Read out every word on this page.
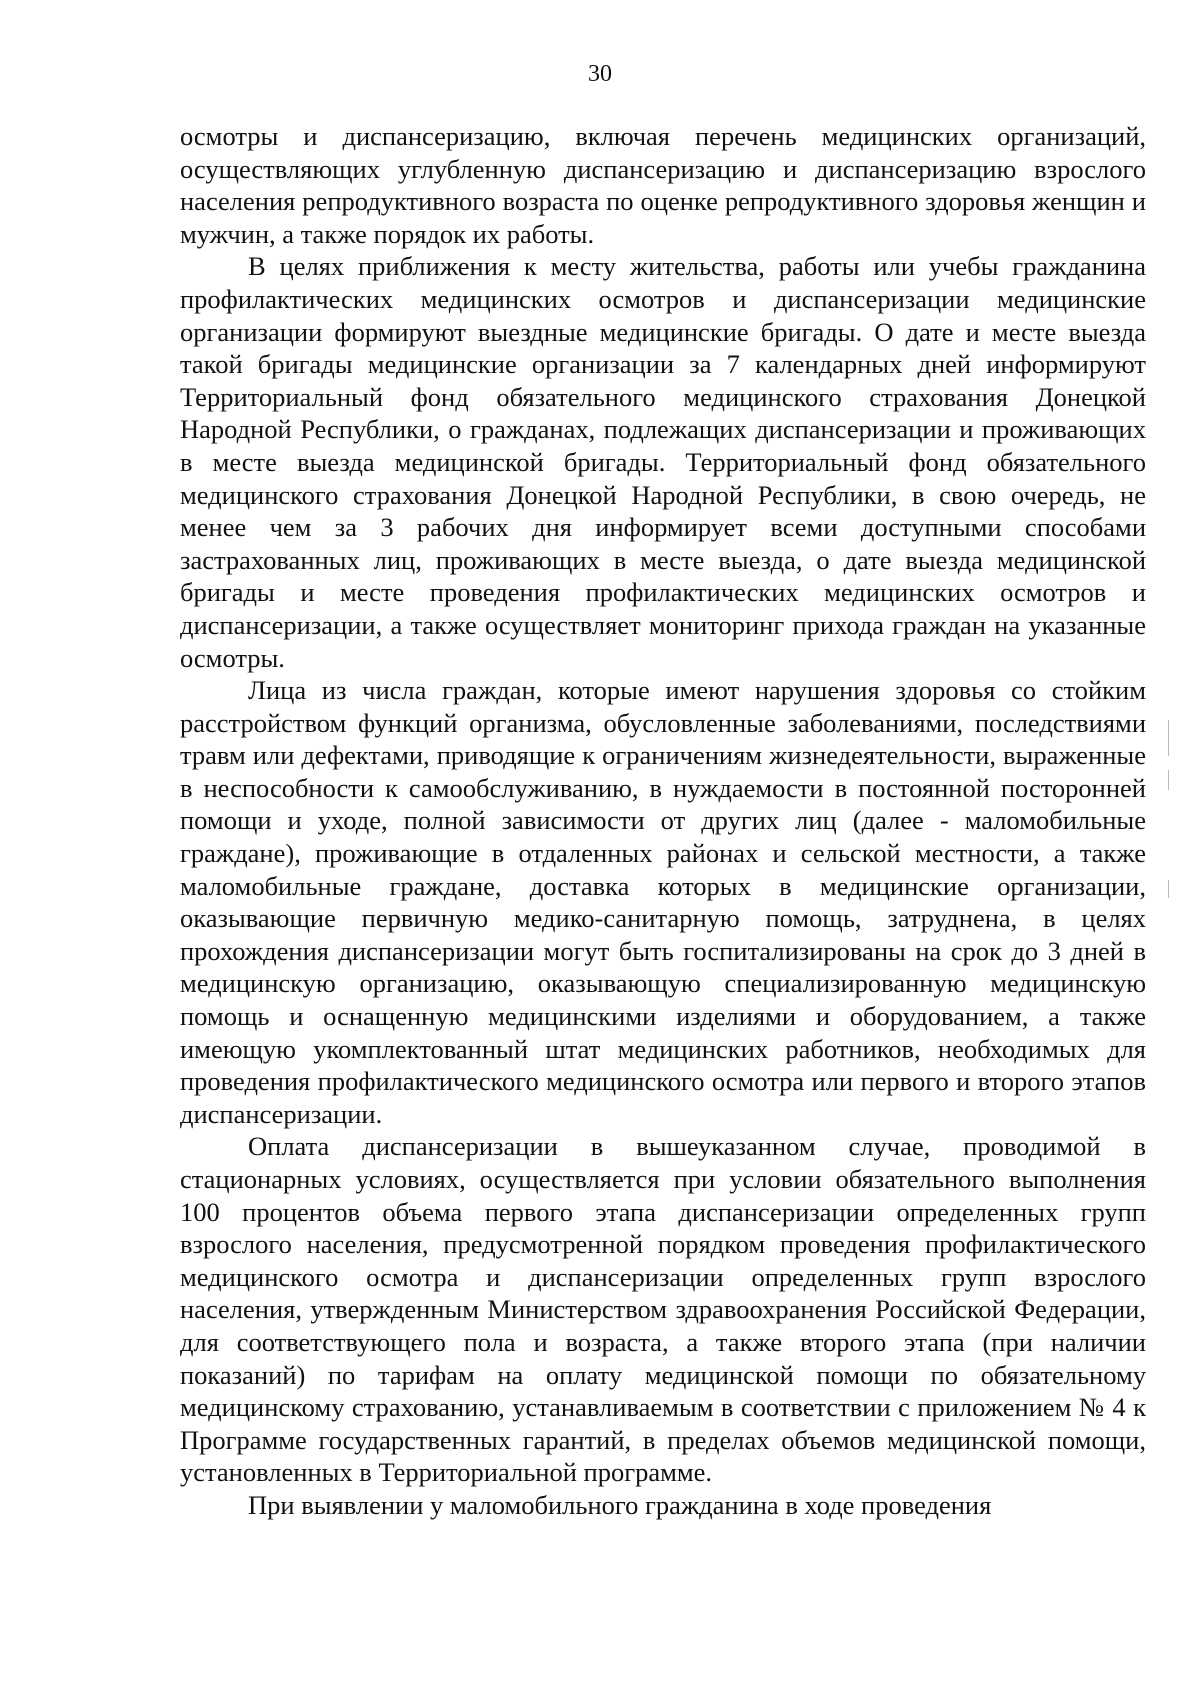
30

осмотры и диспансеризацию, включая перечень медицинских организаций, осуществляющих углубленную диспансеризацию и диспансеризацию взрослого населения репродуктивного возраста по оценке репродуктивного здоровья женщин и мужчин, а также порядок их работы.

В целях приближения к месту жительства, работы или учебы гражданина профилактических медицинских осмотров и диспансеризации медицинские организации формируют выездные медицинские бригады. О дате и месте выезда такой бригады медицинские организации за 7 календарных дней информируют Территориальный фонд обязательного медицинского страхования Донецкой Народной Республики, о гражданах, подлежащих диспансеризации и проживающих в месте выезда медицинской бригады. Территориальный фонд обязательного медицинского страхования Донецкой Народной Республики, в свою очередь, не менее чем за 3 рабочих дня информирует всеми доступными способами застрахованных лиц, проживающих в месте выезда, о дате выезда медицинской бригады и месте проведения профилактических медицинских осмотров и диспансеризации, а также осуществляет мониторинг прихода граждан на указанные осмотры.

Лица из числа граждан, которые имеют нарушения здоровья со стойким расстройством функций организма, обусловленные заболеваниями, последствиями травм или дефектами, приводящие к ограничениям жизнедеятельности, выраженные в неспособности к самообслуживанию, в нуждаемости в постоянной посторонней помощи и уходе, полной зависимости от других лиц (далее - маломобильные граждане), проживающие в отдаленных районах и сельской местности, а также маломобильные граждане, доставка которых в медицинские организации, оказывающие первичную медико-санитарную помощь, затруднена, в целях прохождения диспансеризации могут быть госпитализированы на срок до 3 дней в медицинскую организацию, оказывающую специализированную медицинскую помощь и оснащенную медицинскими изделиями и оборудованием, а также имеющую укомплектованный штат медицинских работников, необходимых для проведения профилактического медицинского осмотра или первого и второго этапов диспансеризации.

Оплата диспансеризации в вышеуказанном случае, проводимой в стационарных условиях, осуществляется при условии обязательного выполнения 100 процентов объема первого этапа диспансеризации определенных групп взрослого населения, предусмотренной порядком проведения профилактического медицинского осмотра и диспансеризации определенных групп взрослого населения, утвержденным Министерством здравоохранения Российской Федерации, для соответствующего пола и возраста, а также второго этапа (при наличии показаний) по тарифам на оплату медицинской помощи по обязательному медицинскому страхованию, устанавливаемым в соответствии с приложением № 4 к Программе государственных гарантий, в пределах объемов медицинской помощи, установленных в Территориальной программе.

При выявлении у маломобильного гражданина в ходе проведения
